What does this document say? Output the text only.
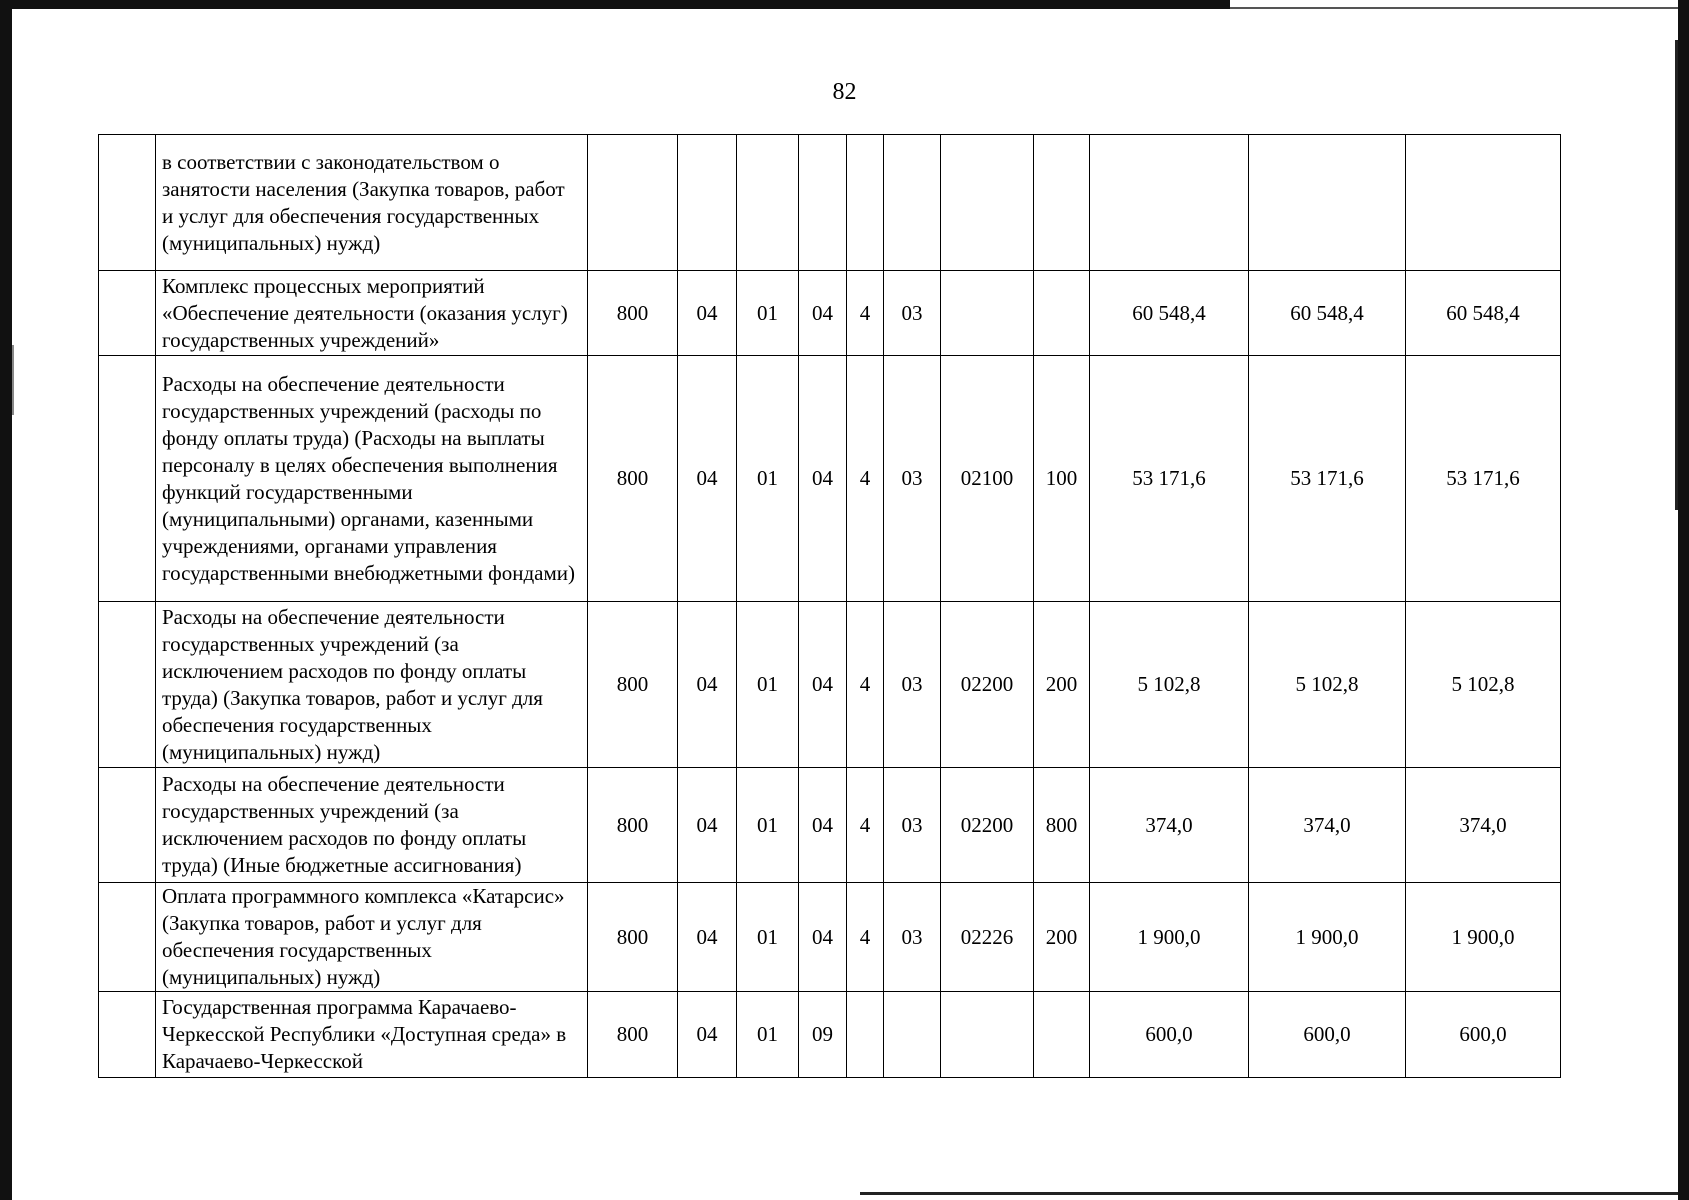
82
	в соответствии с законодательством о занятости населения (Закупка товаров, работ и услуг для обеспечения государственных (муниципальных) нужд)											
	Комплекс процессных мероприятий «Обеспечение деятельности (оказания услуг) государственных учреждений»	800	04	01	04	4	03			60 548,4	60 548,4	60 548,4
	Расходы на обеспечение деятельности государственных учреждений (расходы по фонду оплаты труда) (Расходы на выплаты персоналу в целях обеспечения выполнения функций государственными (муниципальными) органами, казенными учреждениями, органами управления государственными внебюджетными фондами)	800	04	01	04	4	03	02100	100	53 171,6	53 171,6	53 171,6
	Расходы на обеспечение деятельности государственных учреждений (за исключением расходов по фонду оплаты труда) (Закупка товаров, работ и услуг для обеспечения государственных (муниципальных) нужд)	800	04	01	04	4	03	02200	200	5 102,8	5 102,8	5 102,8
	Расходы на обеспечение деятельности государственных учреждений (за исключением расходов по фонду оплаты труда) (Иные бюджетные ассигнования)	800	04	01	04	4	03	02200	800	374,0	374,0	374,0
	Оплата программного комплекса «Катарсис» (Закупка товаров, работ и услуг для обеспечения государственных (муниципальных) нужд)	800	04	01	04	4	03	02226	200	1 900,0	1 900,0	1 900,0
	Государственная программа Карачаево-Черкесской Республики «Доступная среда» в Карачаево-Черкесской	800	04	01	09					600,0	600,0	600,0
